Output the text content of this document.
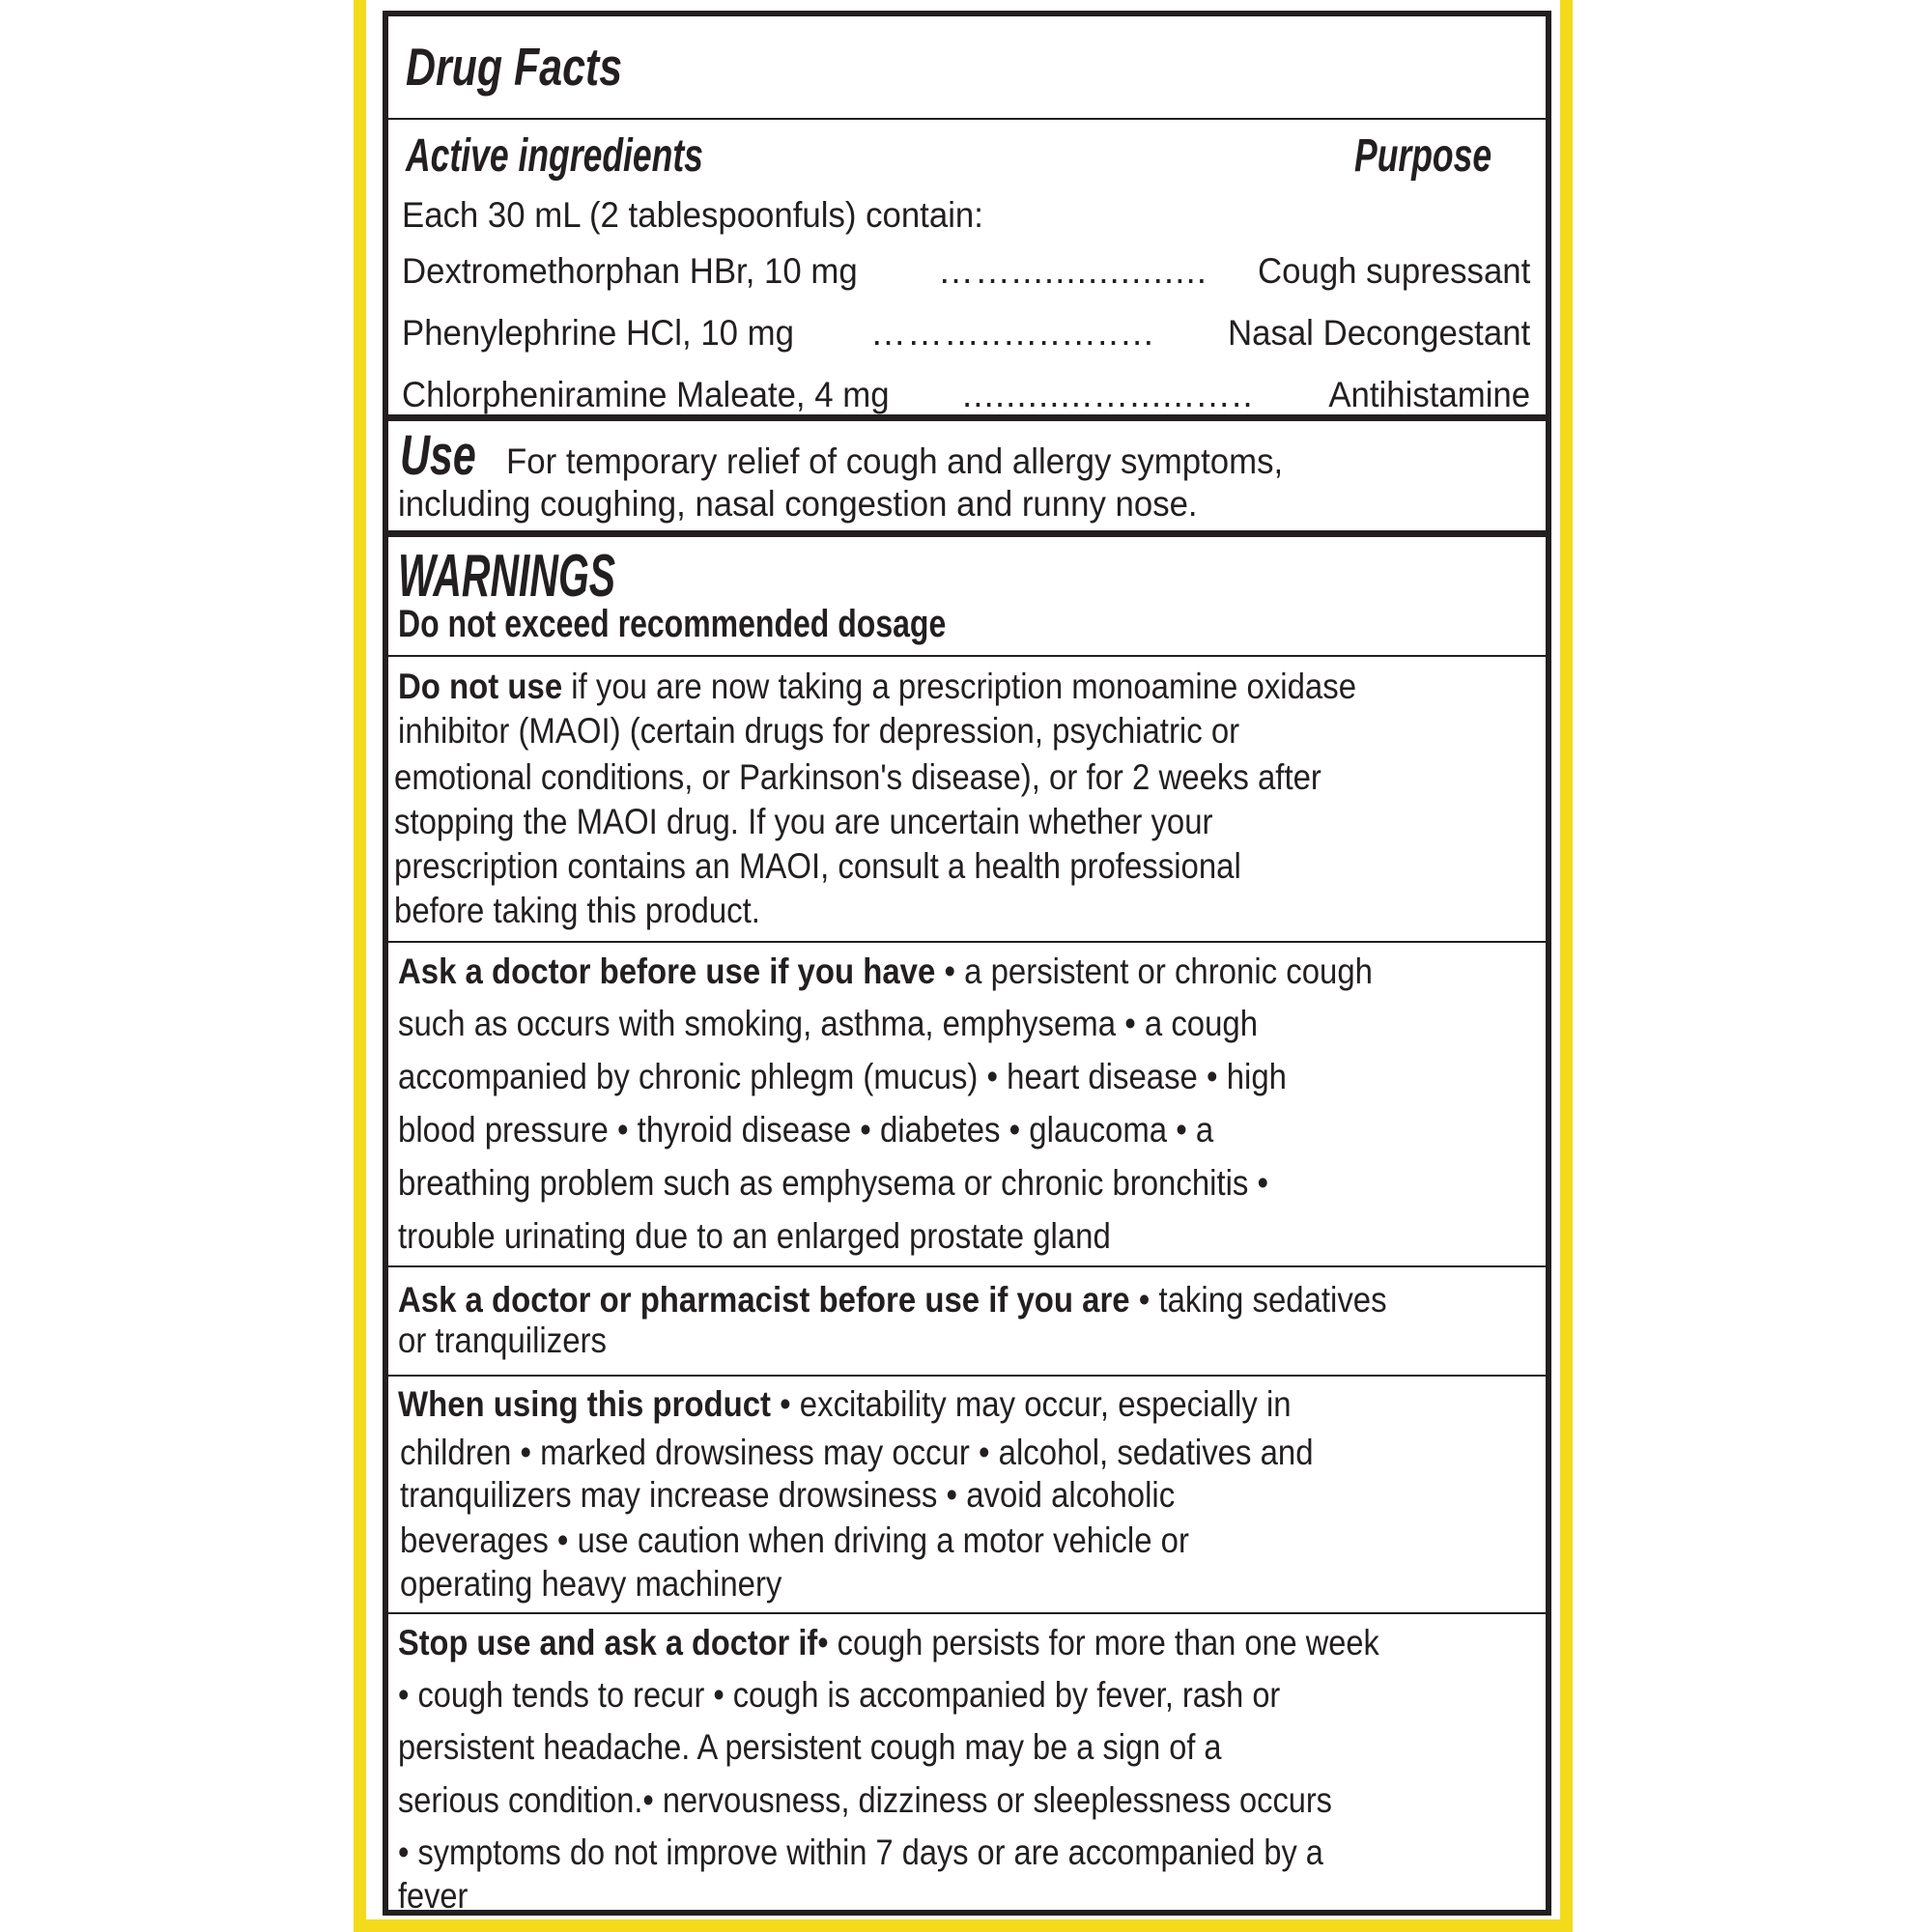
Drug Facts
Active ingredients	Purpose
Each 30 mL (2 tablespoonfuls) contain:
Dextromethorphan HBr, 10 mg	……..................	Cough supressant
Phenylephrine HCl, 10 mg	………..…..…..…	Nasal Decongestant
Chlorpheniramine Maleate, 4 mg	............…......…..	Antihistamine
Use For temporary relief of cough and allergy symptoms,
including coughing, nasal congestion and runny nose.
WARNINGS
Do not exceed recommended dosage
Do not use if you are now taking a prescription monoamine oxidase
inhibitor (MAOI) (certain drugs for depression, psychiatric or
emotional conditions, or Parkinson's disease), or for 2 weeks after
stopping the MAOI drug. If you are uncertain whether your
prescription contains an MAOI, consult a health professional
before taking this product.
Ask a doctor before use if you have • a persistent or chronic cough
such as occurs with smoking, asthma, emphysema • a cough
accompanied by chronic phlegm (mucus) • heart disease • high
blood pressure • thyroid disease • diabetes • glaucoma • a
breathing problem such as emphysema or chronic bronchitis •
trouble urinating due to an enlarged prostate gland
Ask a doctor or pharmacist before use if you are • taking sedatives
or tranquilizers
When using this product • excitability may occur, especially in
children • marked drowsiness may occur • alcohol, sedatives and
tranquilizers may increase drowsiness • avoid alcoholic
beverages • use caution when driving a motor vehicle or
operating heavy machinery
Stop use and ask a doctor if• cough persists for more than one week
• cough tends to recur • cough is accompanied by fever, rash or
persistent headache. A persistent cough may be a sign of a
serious condition.• nervousness, dizziness or sleeplessness occurs
• symptoms do not improve within 7 days or are accompanied by a
fever
